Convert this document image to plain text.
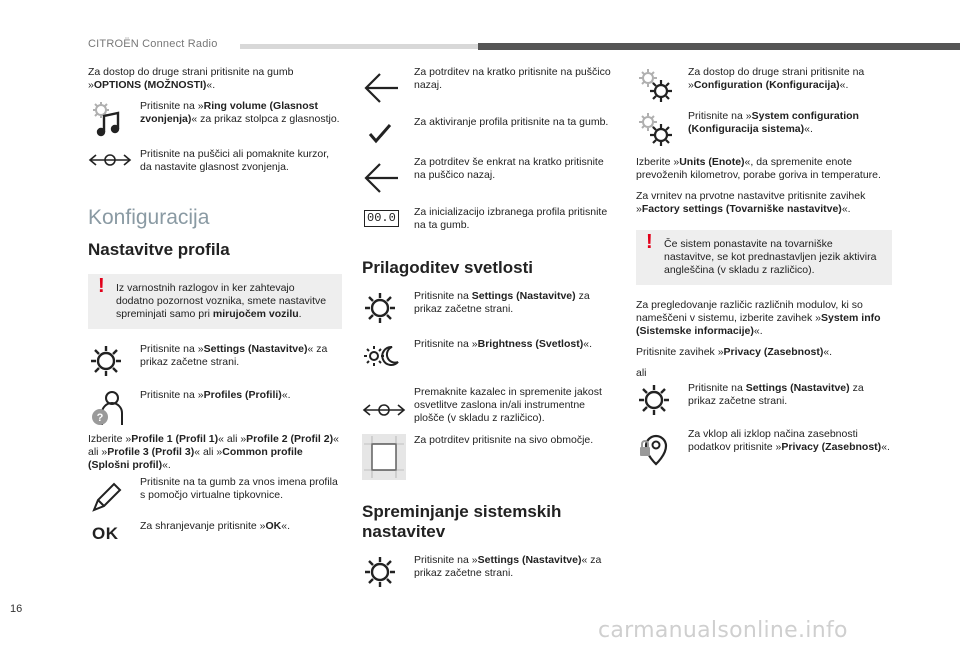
CITROËN Connect Radio

Za dostop do druge strani pritisnite na gumb »OPTIONS (MOŽNOSTI)«.

Pritisnite na »Ring volume (Glasnost zvonjenja)« za prikaz stolpca z glasnostjo.
Pritisnite na puščici ali pomaknite kurzor, da nastavite glasnost zvonjenja.
Konfiguracija
Nastavitve profila
! Iz varnostnih razlogov in ker zahtevajo dodatno pozornost voznika, smete nastavitve spreminjati samo pri mirujočem vozilu.
Pritisnite na »Settings (Nastavitve)« za prikaz začetne strani.
?
Pritisnite na »Profiles (Profili)«.

Izberite »Profile 1 (Profil 1)« ali »Profile 2 (Profil 2)« ali »Profile 3 (Profil 3)« ali »Common profile (Splošni profil)«.

Pritisnite na ta gumb za vnos imena profila s pomočjo virtualne tipkovnice.
OK Za shranjevanje pritisnite »OK«.
Za potrditev na kratko pritisnite na puščico nazaj.
Za aktiviranje profila pritisnite na ta gumb.
Za potrditev še enkrat na kratko pritisnite na puščico nazaj.
00.0 Za inicializacijo izbranega profila pritisnite na ta gumb.
Prilagoditev svetlosti
Pritisnite na Settings (Nastavitve) za prikaz začetne strani.
Pritisnite na »Brightness (Svetlost)«.
Premaknite kazalec in spremenite jakost osvetlitve zaslona in/ali instrumentne plošče (v skladu z različico).
Za potrditev pritisnite na sivo območje.
Spreminjanje sistemskih nastavitev
Pritisnite na »Settings (Nastavitve)« za prikaz začetne strani.
Za dostop do druge strani pritisnite na »Configuration (Konfiguracija)«.
Pritisnite na »System configuration (Konfiguracija sistema)«.

Izberite »Units (Enote)«, da spremenite enote prevoženih kilometrov, porabe goriva in temperature.

Za vrnitev na prvotne nastavitve pritisnite zavihek »Factory settings (Tovarniške nastavitve)«.

! Če sistem ponastavite na tovarniške nastavitve, se kot prednastavljen jezik aktivira angleščina (v skladu z različico).

Za pregledovanje različic različnih modulov, ki so nameščeni v sistemu, izberite zavihek »System info (Sistemske informacije)«.

Pritisnite zavihek »Privacy (Zasebnost)«.

ali

Pritisnite na Settings (Nastavitve) za prikaz začetne strani.
Za vklop ali izklop načina zasebnosti podatkov pritisnite »Privacy (Zasebnost)«.
16
carmanualsonline.info
